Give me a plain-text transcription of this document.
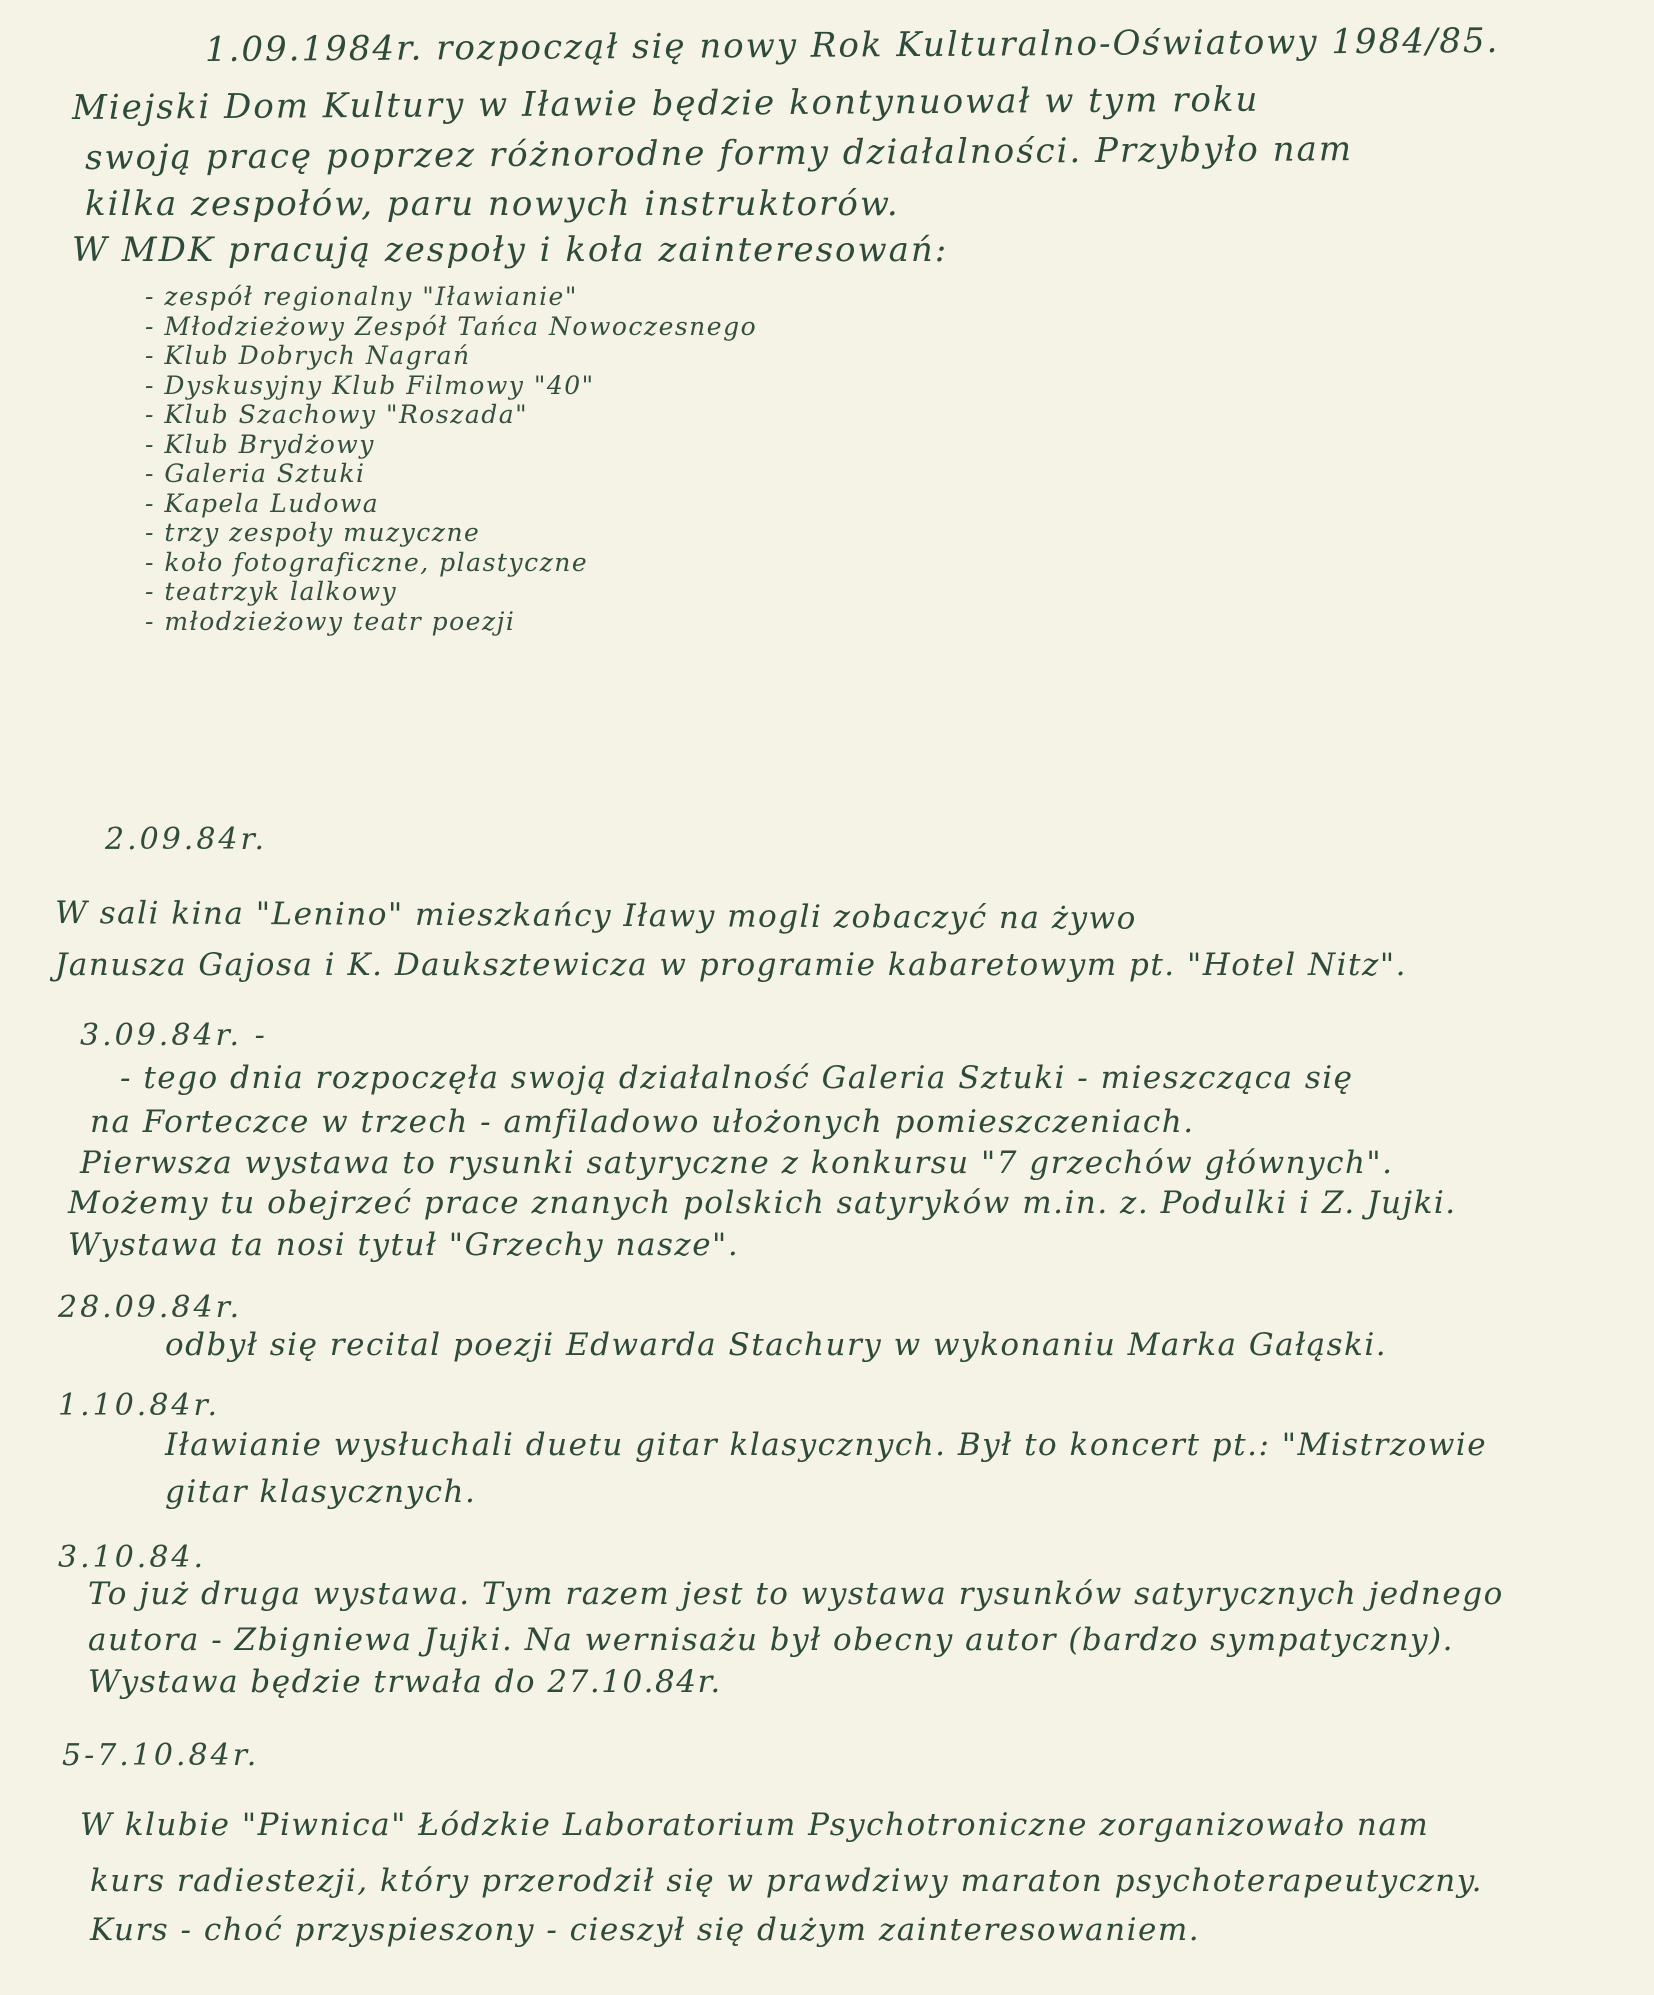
1.09.1984r. rozpoczął się nowy Rok Kulturalno-Oświatowy 1984/85.
Miejski Dom Kultury w Iławie będzie kontynuował w tym roku
swoją pracę poprzez różnorodne formy działalności. Przybyło nam
kilka zespołów, paru nowych instruktorów.
W MDK pracują zespoły i koła zainteresowań:
- zespół regionalny "Iławianie"
- Młodzieżowy Zespół Tańca Nowoczesnego
- Klub Dobrych Nagrań
- Dyskusyjny Klub Filmowy "40"
- Klub Szachowy "Roszada"
- Klub Brydżowy
- Galeria Sztuki
- Kapela Ludowa
- trzy zespoły muzyczne
- koło fotograficzne, plastyczne
- teatrzyk lalkowy
- młodzieżowy teatr poezji
2.09.84r.
W sali kina "Lenino" mieszkańcy Iławy mogli zobaczyć na żywo
Janusza Gajosa i K. Dauksztewicza w programie kabaretowym pt. "Hotel Nitz".
3.09.84r. -
- tego dnia rozpoczęła swoją działalność Galeria Sztuki - mieszcząca się
na Forteczce w trzech - amfiladowo ułożonych pomieszczeniach.
Pierwsza wystawa to rysunki satyryczne z konkursu "7 grzechów głównych".
Możemy tu obejrzeć prace znanych polskich satyryków m.in. z. Podulki i Z. Jujki.
Wystawa ta nosi tytuł "Grzechy nasze".
28.09.84r.
odbył się recital poezji Edwarda Stachury w wykonaniu Marka Gałąski.
1.10.84r.
Iławianie wysłuchali duetu gitar klasycznych. Był to koncert pt.: "Mistrzowie
gitar klasycznych.
3.10.84.
To już druga wystawa. Tym razem jest to wystawa rysunków satyrycznych jednego
autora - Zbigniewa Jujki. Na wernisażu był obecny autor (bardzo sympatyczny).
Wystawa będzie trwała do 27.10.84r.
5-7.10.84r.
W klubie "Piwnica" Łódzkie Laboratorium Psychotroniczne zorganizowało nam
kurs radiestezji, który przerodził się w prawdziwy maraton psychoterapeutyczny.
Kurs - choć przyspieszony - cieszył się dużym zainteresowaniem.
